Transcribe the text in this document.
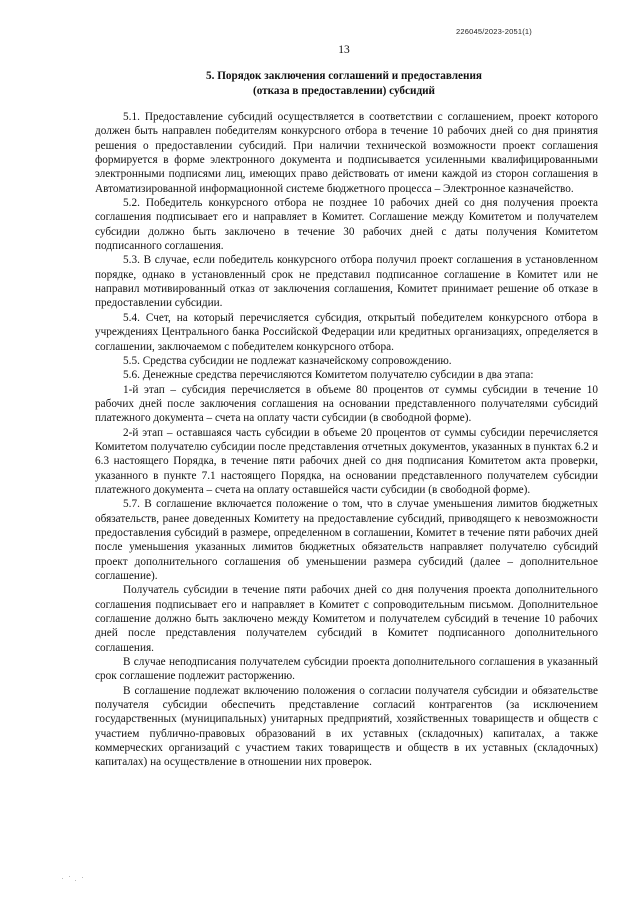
226045/2023-2051(1)
13
5. Порядок заключения соглашений и предоставления
(отказа в предоставлении) субсидий

5.1. Предоставление субсидий осуществляется в соответствии с соглашением, проект которого должен быть направлен победителям конкурсного отбора в течение 10 рабочих дней со дня принятия решения о предоставлении субсидий. При наличии технической возможности проект соглашения формируется в форме электронного документа и подписывается усиленными квалифицированными электронными подписями лиц, имеющих право действовать от имени каждой из сторон соглашения в Автоматизированной информационной системе бюджетного процесса – Электронное казначейство.

5.2. Победитель конкурсного отбора не позднее 10 рабочих дней со дня получения проекта соглашения подписывает его и направляет в Комитет. Соглашение между Комитетом и получателем субсидии должно быть заключено в течение 30 рабочих дней с даты получения Комитетом подписанного соглашения.

5.3. В случае, если победитель конкурсного отбора получил проект соглашения в установленном порядке, однако в установленный срок не представил подписанное соглашение в Комитет или не направил мотивированный отказ от заключения соглашения, Комитет принимает решение об отказе в предоставлении субсидии.

5.4. Счет, на который перечисляется субсидия, открытый победителем конкурсного отбора в учреждениях Центрального банка Российской Федерации или кредитных организациях, определяется в соглашении, заключаемом с победителем конкурсного отбора.

5.5. Средства субсидии не подлежат казначейскому сопровождению.

5.6. Денежные средства перечисляются Комитетом получателю субсидии в два этапа:

1-й этап – субсидия перечисляется в объеме 80 процентов от суммы субсидии в течение 10 рабочих дней после заключения соглашения на основании представленного получателями субсидий платежного документа – счета на оплату части субсидии (в свободной форме).

2-й этап – оставшаяся часть субсидии в объеме 20 процентов от суммы субсидии перечисляется Комитетом получателю субсидии после представления отчетных документов, указанных в пунктах 6.2 и 6.3 настоящего Порядка, в течение пяти рабочих дней со дня подписания Комитетом акта проверки, указанного в пункте 7.1 настоящего Порядка, на основании представленного получателем субсидии платежного документа – счета на оплату оставшейся части субсидии (в свободной форме).

5.7. В соглашение включается положение о том, что в случае уменьшения лимитов бюджетных обязательств, ранее доведенных Комитету на предоставление субсидий, приводящего к невозможности предоставления субсидий в размере, определенном в соглашении, Комитет в течение пяти рабочих дней после уменьшения указанных лимитов бюджетных обязательств направляет получателю субсидий проект дополнительного соглашения об уменьшении размера субсидий (далее – дополнительное соглашение).

Получатель субсидии в течение пяти рабочих дней со дня получения проекта дополнительного соглашения подписывает его и направляет в Комитет с сопроводительным письмом. Дополнительное соглашение должно быть заключено между Комитетом и получателем субсидий в течение 10 рабочих дней после представления получателем субсидий в Комитет подписанного дополнительного соглашения.

В случае неподписания получателем субсидии проекта дополнительного соглашения в указанный срок соглашение подлежит расторжению.

В соглашение подлежат включению положения о согласии получателя субсидии и обязательстве получателя субсидии обеспечить представление согласий контрагентов (за исключением государственных (муниципальных) унитарных предприятий, хозяйственных товариществ и обществ с участием публично-правовых образований в их уставных (складочных) капиталах, а также коммерческих организаций с участием таких товариществ и обществ в их уставных (складочных) капиталах) на осуществление в отношении них проверок.
